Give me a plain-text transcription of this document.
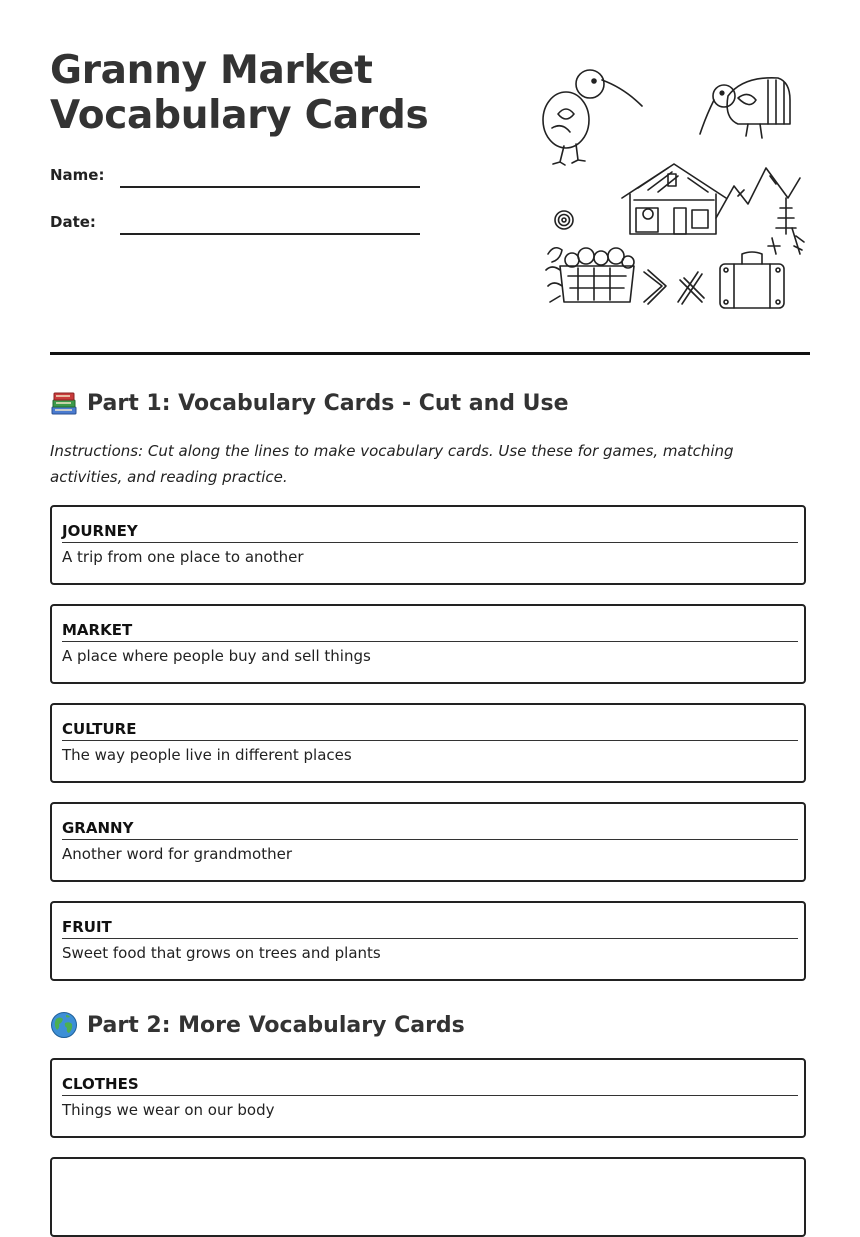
Granny Market
Vocabulary Cards
Name:
Date:
Part 1: Vocabulary Cards - Cut and Use

Instructions: Cut along the lines to make vocabulary cards. Use these for games, matching activities, and reading practice.

JOURNEY
A trip from one place to another
MARKET
A place where people buy and sell things
CULTURE
The way people live in different places
GRANNY
Another word for grandmother
FRUIT
Sweet food that grows on trees and plants
Part 2: More Vocabulary Cards
CLOTHES
Things we wear on our body
